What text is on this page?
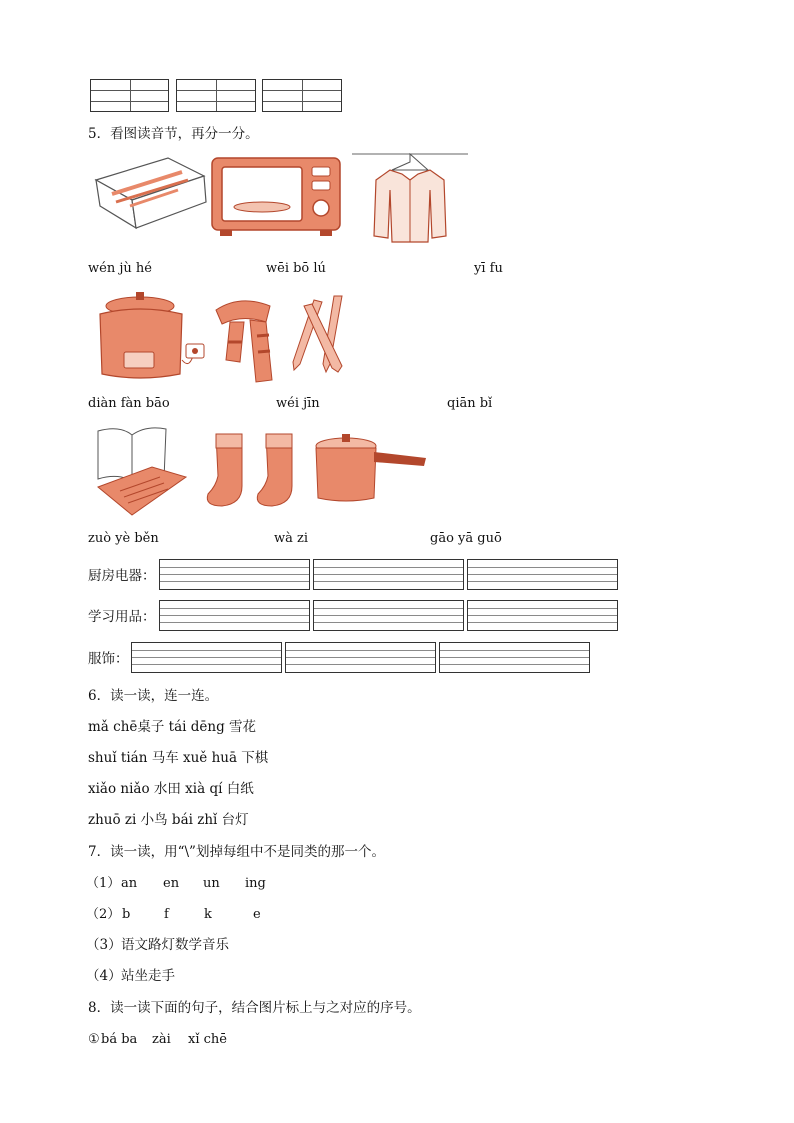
5．看图读音节，再分一分。
wén jù hé	wēi bō lú	yī fu
diàn fàn bāo	wéi jīn	qiān bǐ
zuò yè běn	wà zi	gāo yā guō
厨房电器：
学习用品：
服饰：
6．读一读，连一连。
mǎ chē桌子 tái dēng 雪花
shuǐ tián 马车 xuě huā 下棋
xiǎo niǎo 水田 xià qí 白纸
zhuō zi 小鸟 bái zhǐ 台灯
7．读一读，用“\”划掉每组中不是同类的那一个。
（1） an en un ing
（2） b	f	k	e
（3） 语文路灯数学音乐
（4） 站坐走手
8．读一读下面的句子，结合图片标上与之对应的序号。
① bá ba zài xǐ chē
